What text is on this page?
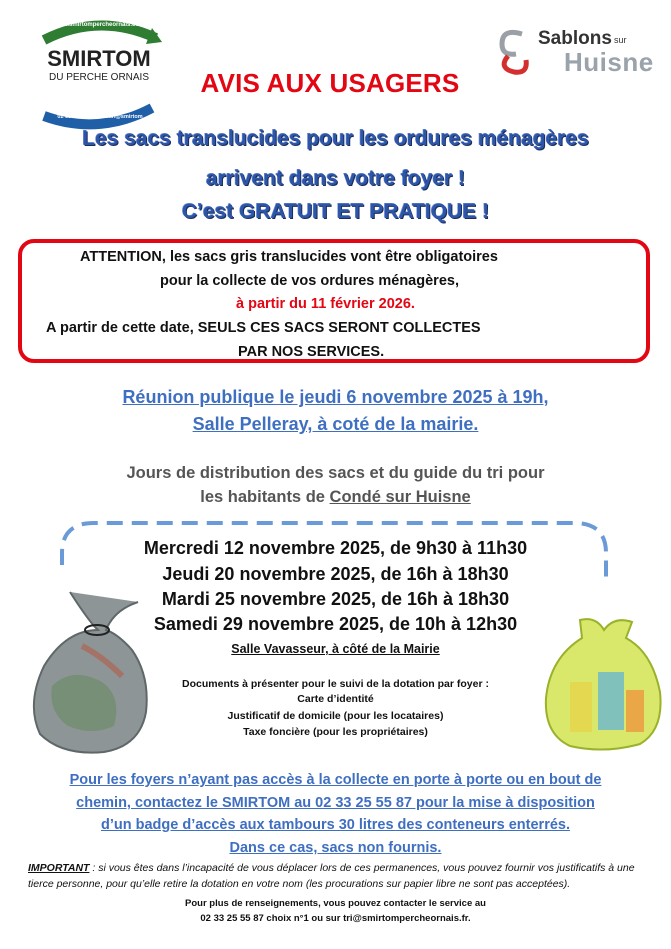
www.smirtompercheornais.com
SMIRTOM
DU PERCHE ORNAIS
02 33 25 55 87 - eco.tri@smirtom
Sablons sur
Huisne
AVIS AUX USAGERS
Les sacs translucides pour les ordures ménagères
arrivent dans votre foyer !
C’est GRATUIT ET PRATIQUE !
ATTENTION, les sacs gris translucides vont être obligatoires
pour la collecte de vos ordures ménagères,
à partir du 11 février 2026.
A partir de cette date, SEULS CES SACS SERONT COLLECTES
PAR NOS SERVICES.
Réunion publique le jeudi 6 novembre 2025 à 19h,
Salle Pelleray, à coté de la mairie.
Jours de distribution des sacs et du guide du tri pour
les habitants de Condé sur Huisne
Mercredi 12 novembre 2025, de 9h30 à 11h30
Jeudi 20 novembre 2025, de 16h à 18h30
Mardi 25 novembre 2025, de 16h à 18h30
Samedi 29 novembre 2025, de 10h à 12h30
Salle Vavasseur, à côté de la Mairie
Documents à présenter pour le suivi de la dotation par foyer :
Carte d’identité
Justificatif de domicile (pour les locataires)
Taxe foncière (pour les propriétaires)
Pour les foyers n’ayant pas accès à la collecte en porte à porte ou en bout de
chemin, contactez le SMIRTOM au 02 33 25 55 87 pour la mise à disposition
d’un badge d’accès aux tambours 30 litres des conteneurs enterrés.
Dans ce cas, sacs non fournis.
IMPORTANT : si vous êtes dans l’incapacité de vous déplacer lors de ces permanences, vous pouvez fournir vos justificatifs à une tierce personne, pour qu’elle retire la dotation en votre nom (les procurations sur papier libre ne sont pas acceptées).
Pour plus de renseignements, vous pouvez contacter le service au
02 33 25 55 87 choix n°1 ou sur tri@smirtompercheornais.fr.
